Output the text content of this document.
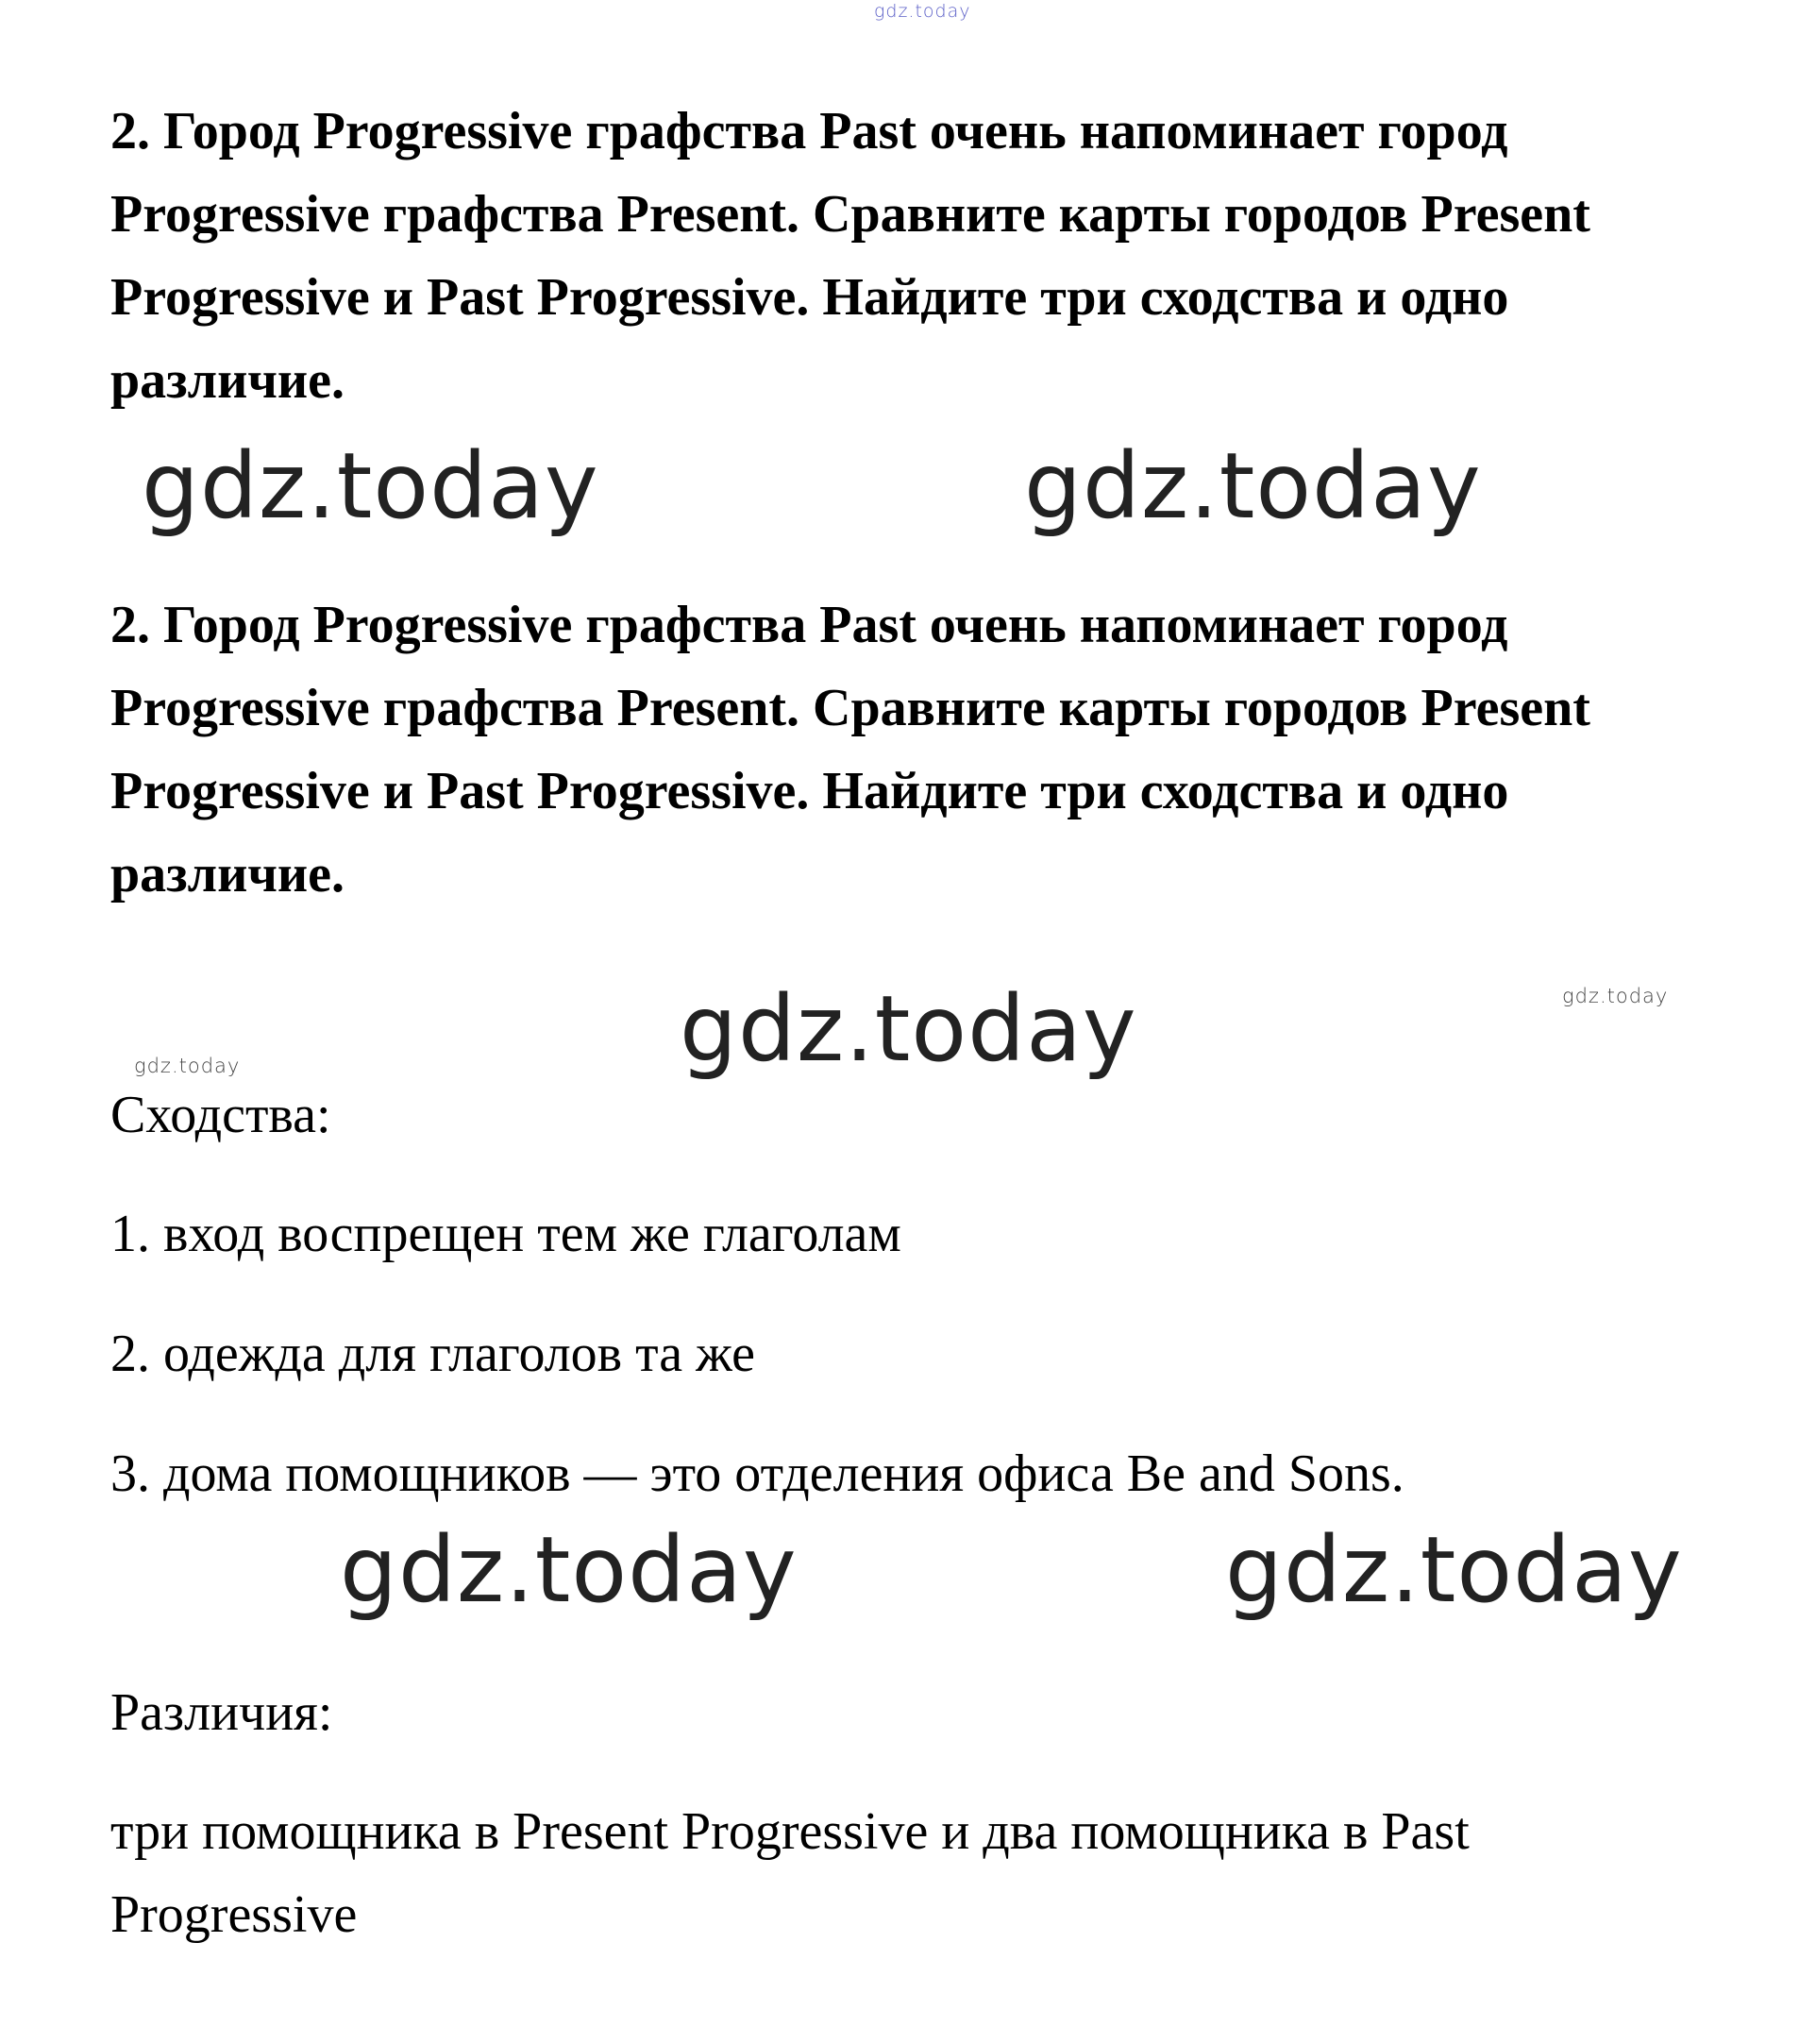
gdz.today

2. Город Progressive графства Past очень напоминает город Progressive графства Present. Сравните карты городов Present Progressive и Past Progressive. Найдите три сходства и одно различие.

gdz.today	gdz.today

2. Город Progressive графства Past очень напоминает город Progressive графства Present. Сравните карты городов Present Progressive и Past Progressive. Найдите три сходства и одно различие.

gdz.today	gdz.today
gdz.today

Сходства:

1. вход воспрещен тем же глаголам

2. одежда для глаголов та же

3. дома помощников — это отделения офиса Be and Sons.

gdz.today	gdz.today

Различия:

три помощника в Present Progressive и два помощника в Past Progressive
